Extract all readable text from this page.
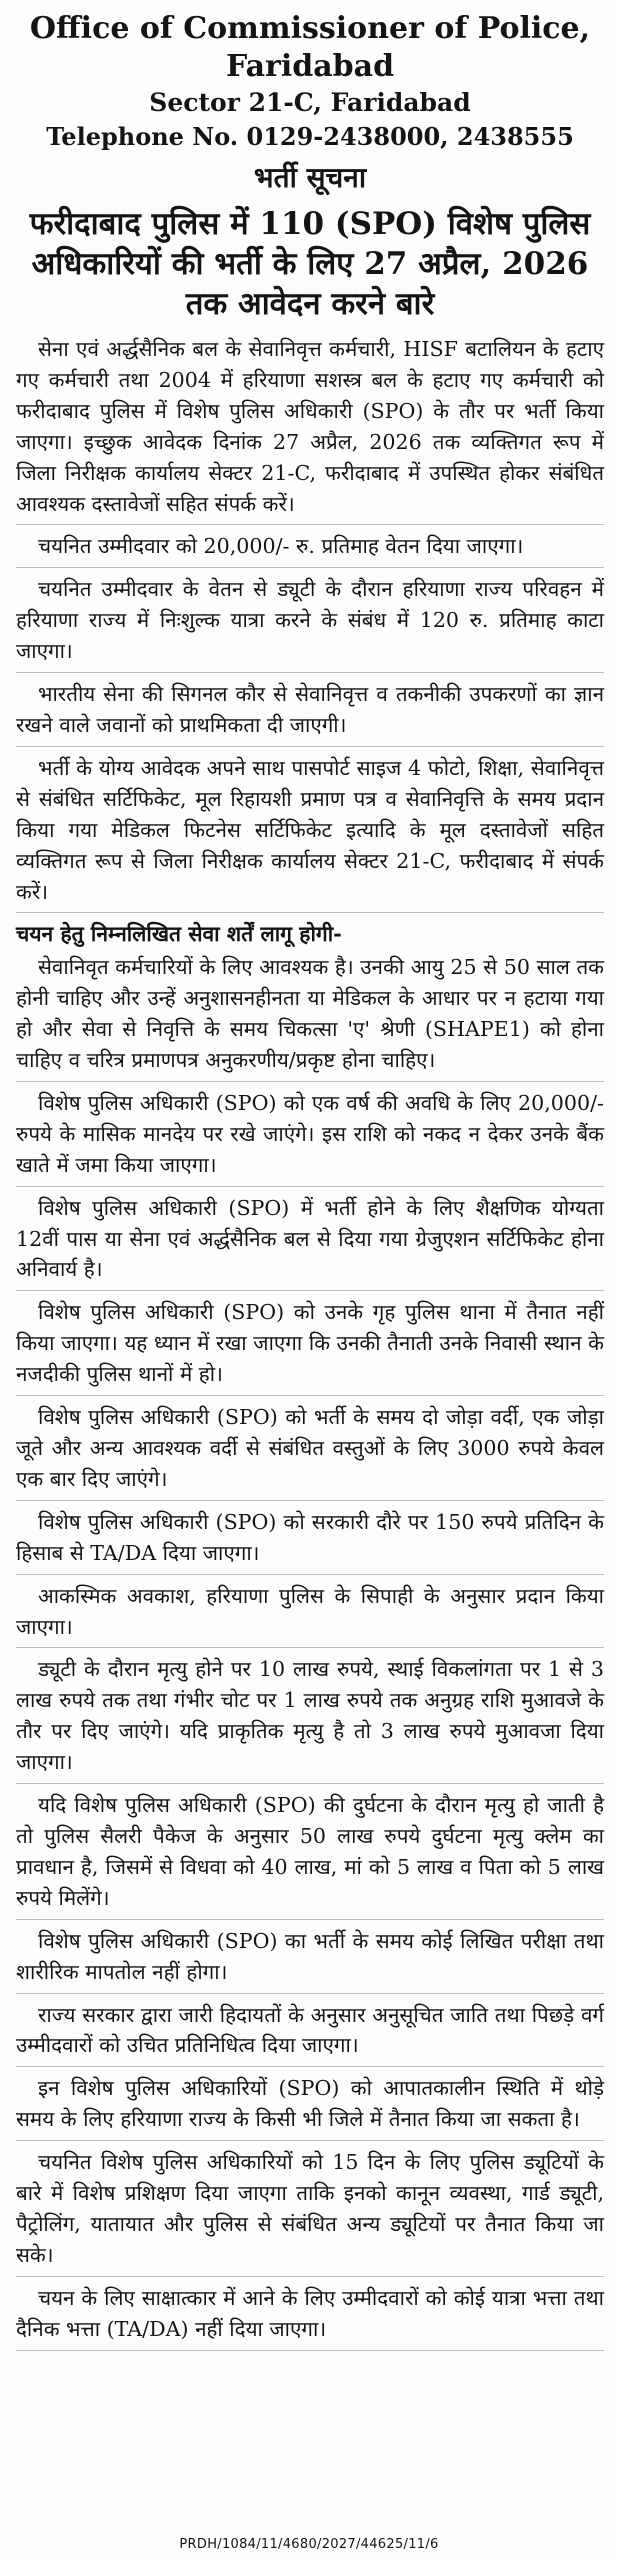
Office of Commissioner of Police, Faridabad
Sector 21-C, Faridabad
Telephone No. 0129-2438000, 2438555
भर्ती सूचना
फरीदाबाद पुलिस में 110 (SPO) विशेष पुलिस अधिकारियों की भर्ती के लिए 27 अप्रैल, 2026 तक आवेदन करने बारे

सेना एवं अर्द्धसैनिक बल के सेवानिवृत्त कर्मचारी, HISF बटालियन के हटाए गए कर्मचारी तथा 2004 में हरियाणा सशस्त्र बल के हटाए गए कर्मचारी को फरीदाबाद पुलिस में विशेष पुलिस अधिकारी (SPO) के तौर पर भर्ती किया जाएगा। इच्छुक आवेदक दिनांक 27 अप्रैल, 2026 तक व्यक्तिगत रूप में जिला निरीक्षक कार्यालय सेक्टर 21-C, फरीदाबाद में उपस्थित होकर संबंधित आवश्यक दस्तावेजों सहित संपर्क करें।

चयनित उम्मीदवार को 20,000/- रु. प्रतिमाह वेतन दिया जाएगा।

चयनित उम्मीदवार के वेतन से ड्यूटी के दौरान हरियाणा राज्य परिवहन में हरियाणा राज्य में निःशुल्क यात्रा करने के संबंध में 120 रु. प्रतिमाह काटा जाएगा।

भारतीय सेना की सिगनल कौर से सेवानिवृत्त व तकनीकी उपकरणों का ज्ञान रखने वाले जवानों को प्राथमिकता दी जाएगी।

भर्ती के योग्य आवेदक अपने साथ पासपोर्ट साइज 4 फोटो, शिक्षा, सेवानिवृत्त से संबंधित सर्टिफिकेट, मूल रिहायशी प्रमाण पत्र व सेवानिवृत्ति के समय प्रदान किया गया मेडिकल फिटनेस सर्टिफिकेट इत्यादि के मूल दस्तावेजों सहित व्यक्तिगत रूप से जिला निरीक्षक कार्यालय सेक्टर 21-C, फरीदाबाद में संपर्क करें।

चयन हेतु निम्नलिखित सेवा शर्तें लागू होगी-

सेवानिवृत कर्मचारियों के लिए आवश्यक है। उनकी आयु 25 से 50 साल तक होनी चाहिए और उन्हें अनुशासनहीनता या मेडिकल के आधार पर न हटाया गया हो और सेवा से निवृत्ति के समय चिकत्सा 'ए' श्रेणी (SHAPE1) को होना चाहिए व चरित्र प्रमाणपत्र अनुकरणीय/प्रकृष्ट होना चाहिए।

विशेष पुलिस अधिकारी (SPO) को एक वर्ष की अवधि के लिए 20,000/- रुपये के मासिक मानदेय पर रखे जाएंगे। इस राशि को नकद न देकर उनके बैंक खाते में जमा किया जाएगा।

विशेष पुलिस अधिकारी (SPO) में भर्ती होने के लिए शैक्षणिक योग्यता 12वीं पास या सेना एवं अर्द्धसैनिक बल से दिया गया ग्रेजुएशन सर्टिफिकेट होना अनिवार्य है।

विशेष पुलिस अधिकारी (SPO) को उनके गृह पुलिस थाना में तैनात नहीं किया जाएगा। यह ध्यान में रखा जाएगा कि उनकी तैनाती उनके निवासी स्थान के नजदीकी पुलिस थानों में हो।

विशेष पुलिस अधिकारी (SPO) को भर्ती के समय दो जोड़ा वर्दी, एक जोड़ा जूते और अन्य आवश्यक वर्दी से संबंधित वस्तुओं के लिए 3000 रुपये केवल एक बार दिए जाएंगे।

विशेष पुलिस अधिकारी (SPO) को सरकारी दौरे पर 150 रुपये प्रतिदिन के हिसाब से TA/DA दिया जाएगा।

आकस्मिक अवकाश, हरियाणा पुलिस के सिपाही के अनुसार प्रदान किया जाएगा।

ड्यूटी के दौरान मृत्यु होने पर 10 लाख रुपये, स्थाई विकलांगता पर 1 से 3 लाख रुपये तक तथा गंभीर चोट पर 1 लाख रुपये तक अनुग्रह राशि मुआवजे के तौर पर दिए जाएंगे। यदि प्राकृतिक मृत्यु है तो 3 लाख रुपये मुआवजा दिया जाएगा।

यदि विशेष पुलिस अधिकारी (SPO) की दुर्घटना के दौरान मृत्यु हो जाती है तो पुलिस सैलरी पैकेज के अनुसार 50 लाख रुपये दुर्घटना मृत्यु क्लेम का प्रावधान है, जिसमें से विधवा को 40 लाख, मां को 5 लाख व पिता को 5 लाख रुपये मिलेंगे।

विशेष पुलिस अधिकारी (SPO) का भर्ती के समय कोई लिखित परीक्षा तथा शारीरिक मापतोल नहीं होगा।

राज्य सरकार द्वारा जारी हिदायतों के अनुसार अनुसूचित जाति तथा पिछड़े वर्ग उम्मीदवारों को उचित प्रतिनिधित्व दिया जाएगा।

इन विशेष पुलिस अधिकारियों (SPO) को आपातकालीन स्थिति में थोड़े समय के लिए हरियाणा राज्य के किसी भी जिले में तैनात किया जा सकता है।

चयनित विशेष पुलिस अधिकारियों को 15 दिन के लिए पुलिस ड्यूटियों के बारे में विशेष प्रशिक्षण दिया जाएगा ताकि इनको कानून व्यवस्था, गार्ड ड्यूटी, पैट्रोलिंग, यातायात और पुलिस से संबंधित अन्य ड्यूटियों पर तैनात किया जा सके।

चयन के लिए साक्षात्कार में आने के लिए उम्मीदवारों को कोई यात्रा भत्ता तथा दैनिक भत्ता (TA/DA) नहीं दिया जाएगा।

PRDH/1084/11/4680/2027/44625/11/6
